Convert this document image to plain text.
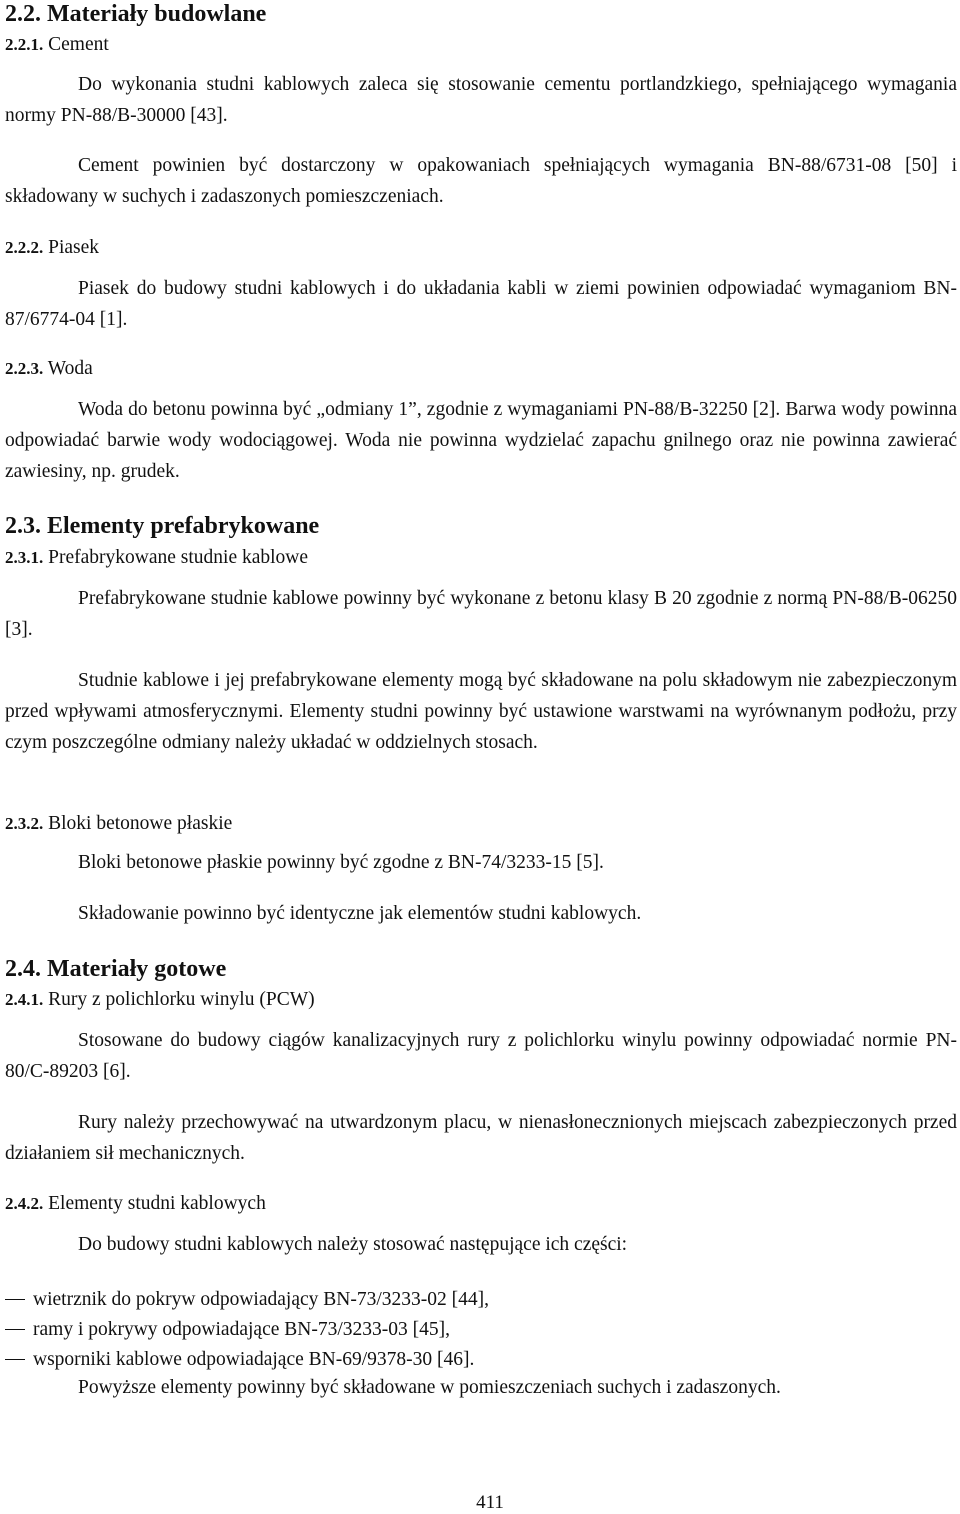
2.2. Materiały budowlane
2.2.1. Cement
Do wykonania studni kablowych zaleca się stosowanie cementu portlandzkiego, spełniającego wymagania normy PN-88/B-30000 [43].
Cement powinien być dostarczony w opakowaniach spełniających wymagania BN-88/6731-08 [50] i składowany w suchych i zadaszonych pomieszczeniach.
2.2.2. Piasek
Piasek do budowy studni kablowych i do układania kabli w ziemi powinien odpowiadać wymaganiom BN-87/6774-04 [1].
2.2.3. Woda
Woda do betonu powinna być „odmiany 1”, zgodnie z wymaganiami PN-88/B-32250 [2]. Barwa wody powinna odpowiadać barwie wody wodociągowej. Woda nie powinna wydzielać zapachu gnilnego oraz nie powinna zawierać zawiesiny, np. grudek.
2.3. Elementy prefabrykowane
2.3.1. Prefabrykowane studnie kablowe
Prefabrykowane studnie kablowe powinny być wykonane z betonu klasy B 20 zgodnie z normą PN-88/B-06250 [3].
Studnie kablowe i jej prefabrykowane elementy mogą być składowane na polu składowym nie zabezpieczonym przed wpływami atmosferycznymi. Elementy studni powinny być ustawione warstwami na wyrównanym podłożu, przy czym poszczególne odmiany należy układać w oddzielnych stosach.
2.3.2. Bloki betonowe płaskie
Bloki betonowe płaskie powinny być zgodne z BN-74/3233-15 [5].
Składowanie powinno być identyczne jak elementów studni kablowych.
2.4. Materiały gotowe
2.4.1. Rury z polichlorku winylu (PCW)
Stosowane do budowy ciągów kanalizacyjnych rury z polichlorku winylu powinny odpowiadać normie PN-80/C-89203 [6].
Rury należy przechowywać na utwardzonym placu, w nienasłonecznionych miejscach zabezpieczonych przed działaniem sił mechanicznych.
2.4.2. Elementy studni kablowych
Do budowy studni kablowych należy stosować następujące ich części:
wietrznik do pokryw odpowiadający BN-73/3233-02 [44],
ramy i pokrywy odpowiadające BN-73/3233-03 [45],
wsporniki kablowe odpowiadające BN-69/9378-30 [46].
Powyższe elementy powinny być składowane w pomieszczeniach suchych i zadaszonych.
411
